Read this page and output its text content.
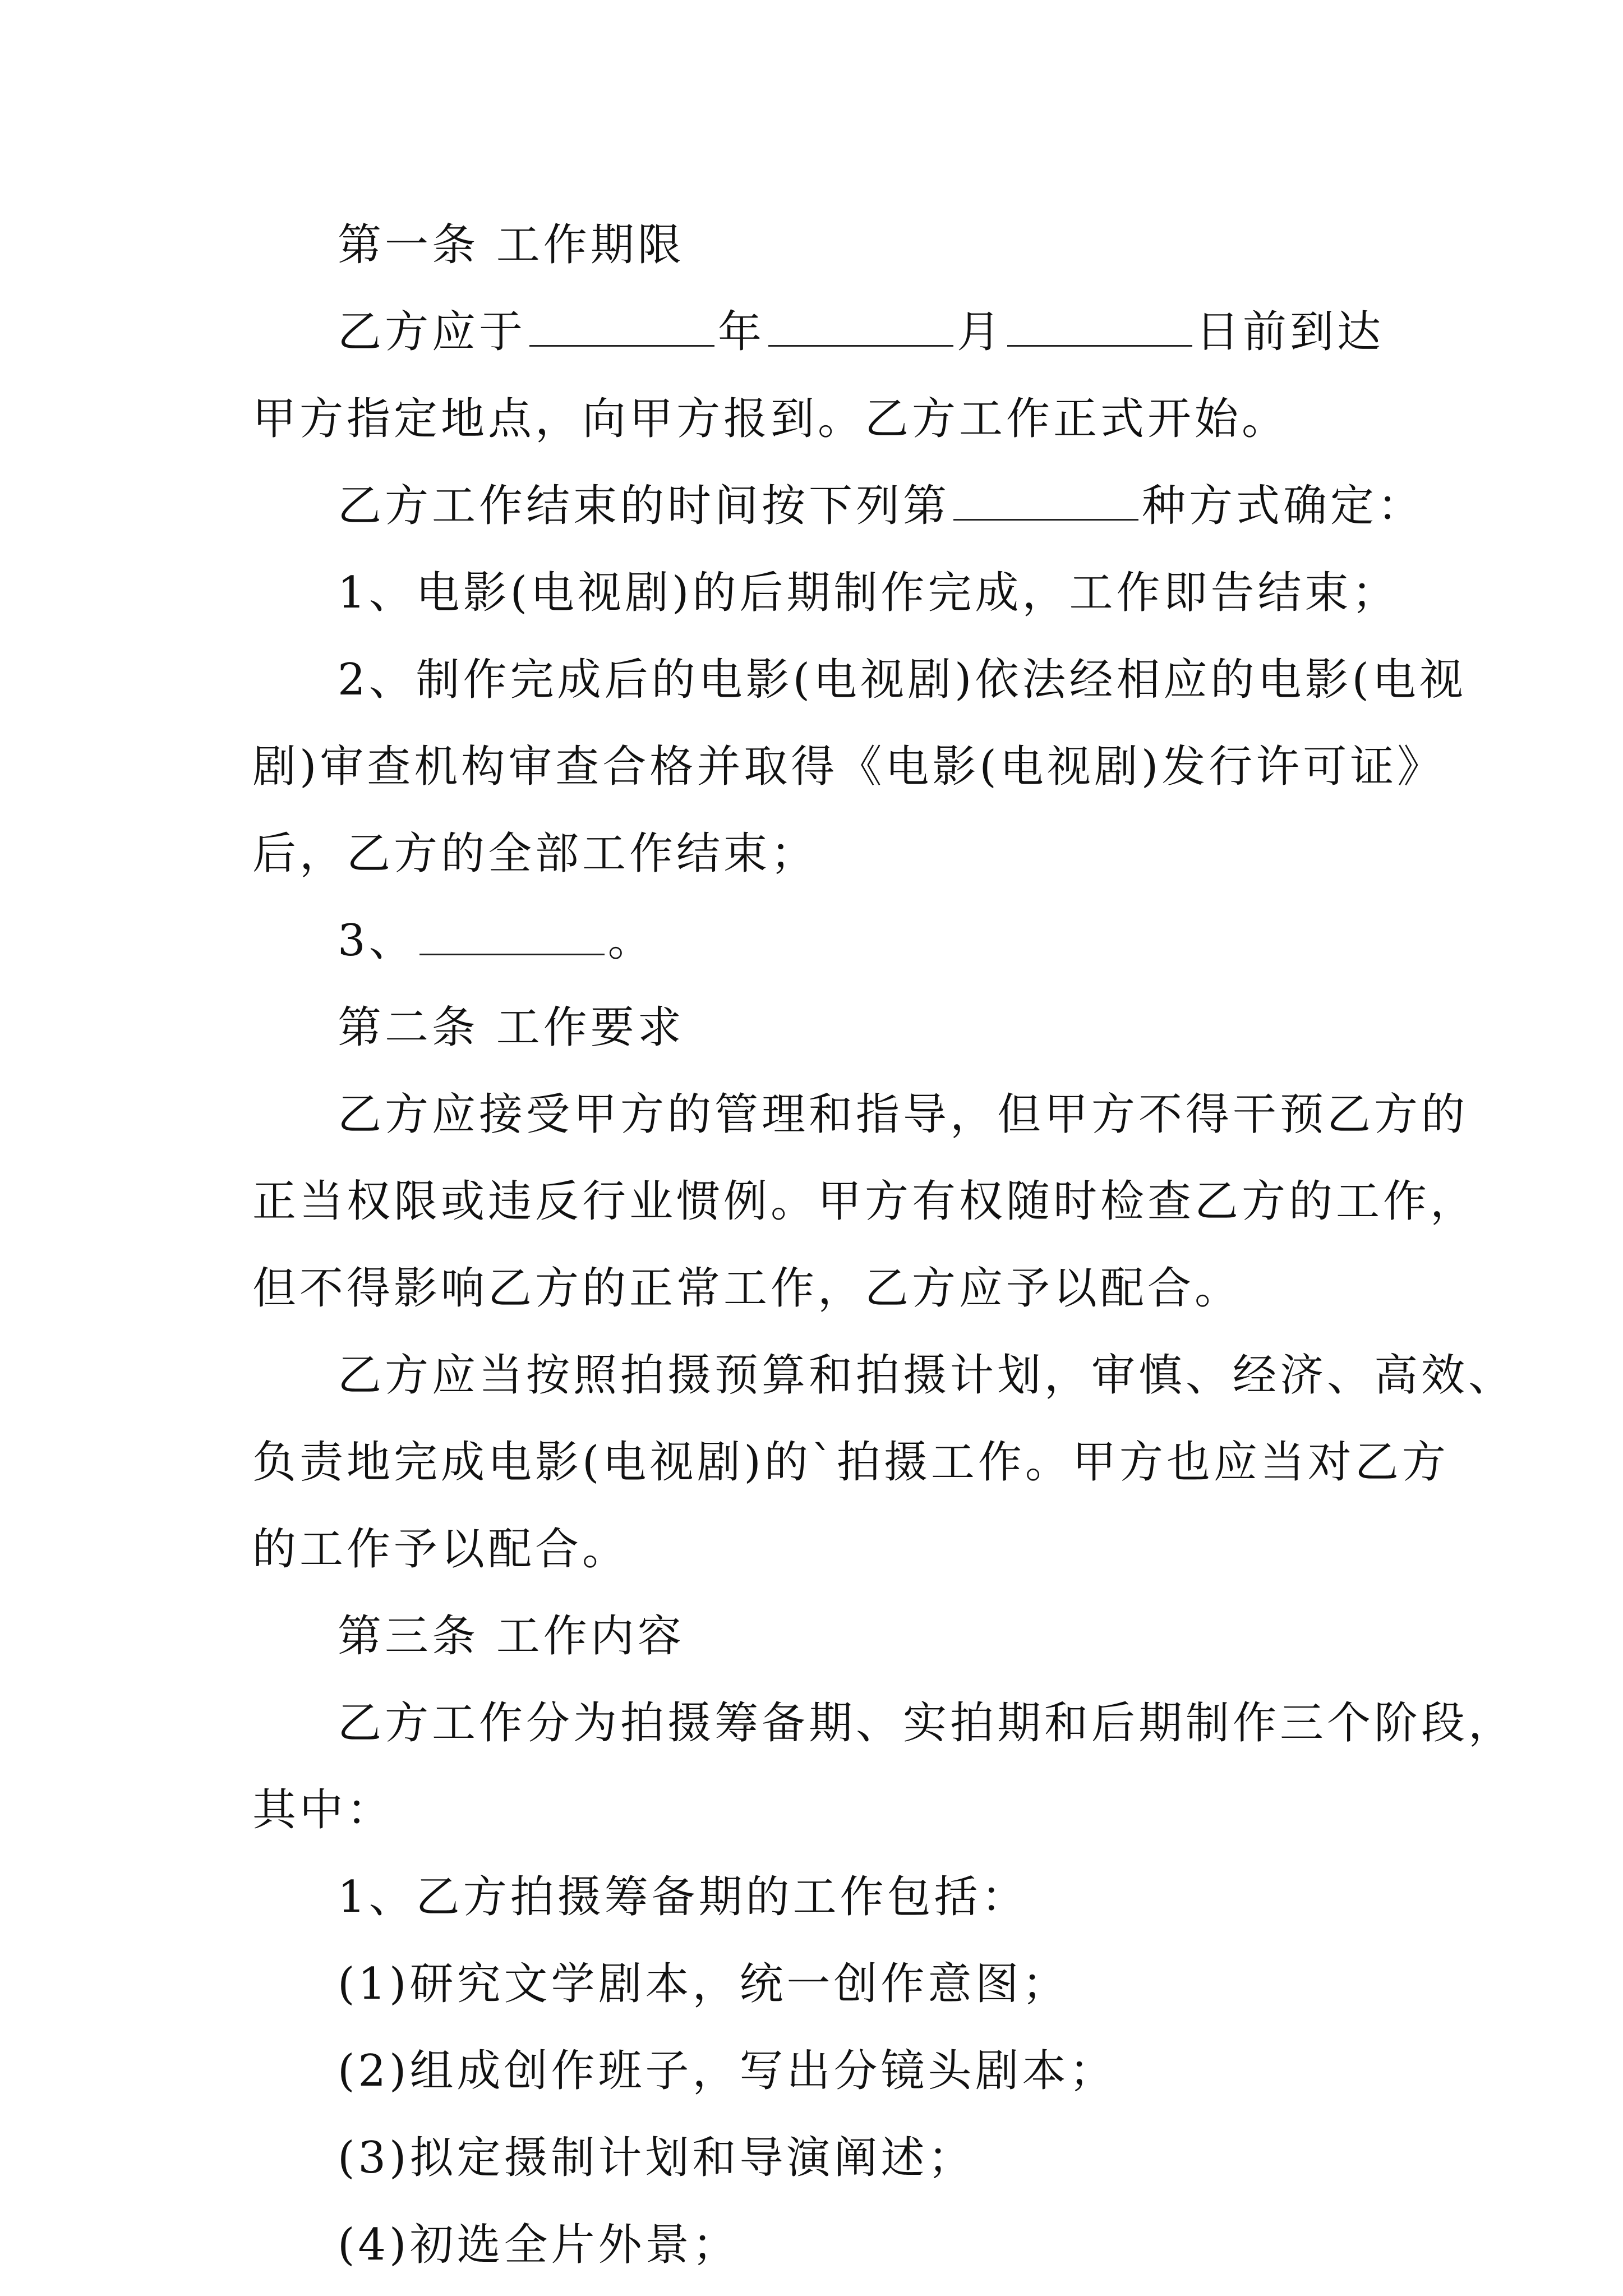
第一条 工作期限
乙方应于	年	月	日前到达
甲方指定地点，向甲方报到。乙方工作正式开始。
乙方工作结束的时间按下列第	种方式确定：
1、电影(电视剧)的后期制作完成，工作即告结束；
2、制作完成后的电影(电视剧)依法经相应的电影(电视
剧)审查机构审查合格并取得《电影(电视剧)发行许可证》
后，乙方的全部工作结束；
3、	。
第二条 工作要求
乙方应接受甲方的管理和指导，但甲方不得干预乙方的
正当权限或违反行业惯例。甲方有权随时检查乙方的工作，
但不得影响乙方的正常工作，乙方应予以配合。
乙方应当按照拍摄预算和拍摄计划，审慎、经济、高效、
负责地完成电影(电视剧)的`拍摄工作。甲方也应当对乙方
的工作予以配合。
第三条 工作内容
乙方工作分为拍摄筹备期、实拍期和后期制作三个阶段，
其中：
1、乙方拍摄筹备期的工作包括：
(1)研究文学剧本，统一创作意图；
(2)组成创作班子，写出分镜头剧本；
(3)拟定摄制计划和导演阐述；
(4)初选全片外景；
